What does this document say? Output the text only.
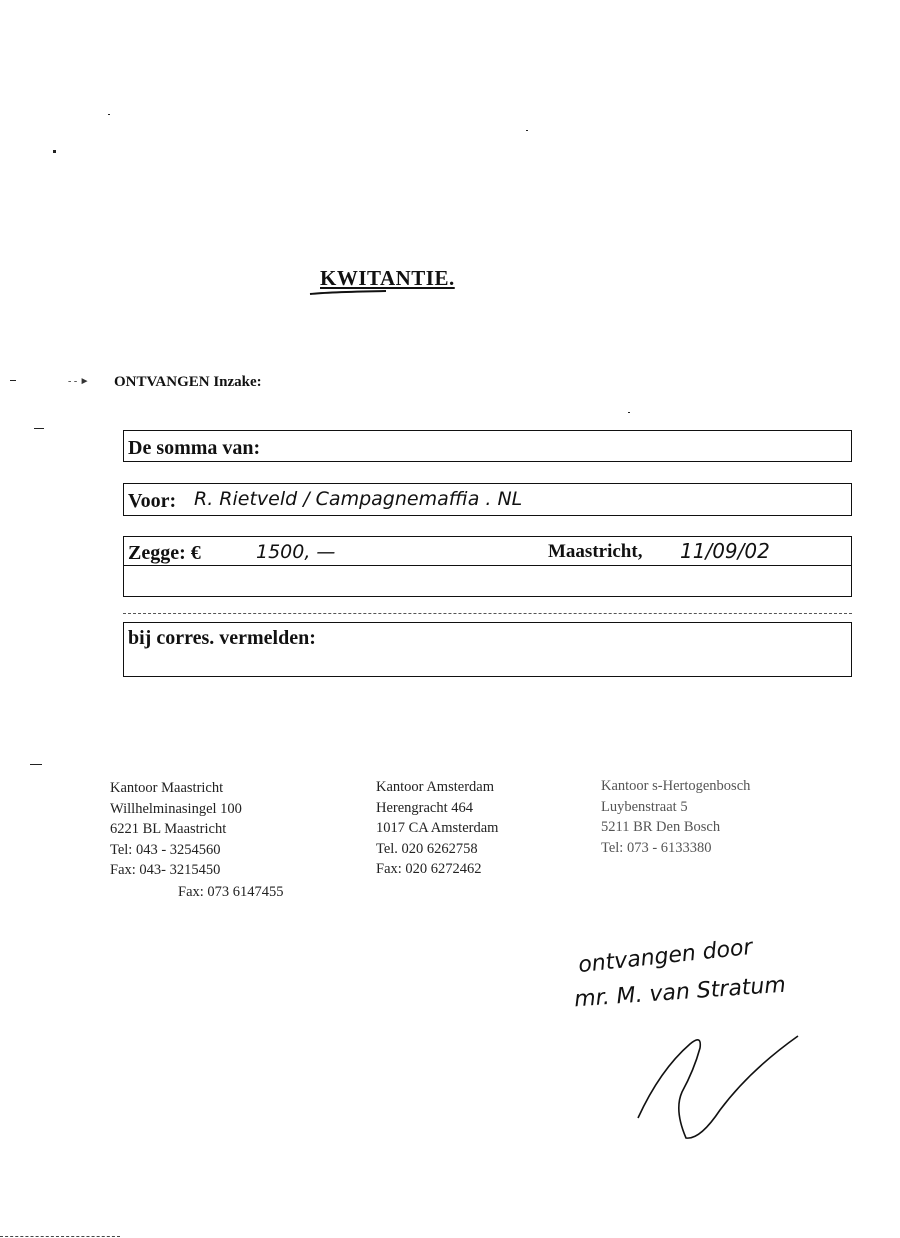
KWITANTIE.
- - ► ONTVANGEN Inzake:
De somma van:
Voor: R. Rietveld / Campagnemaffia . NL
Zegge: €	1500, —	Maastricht, 11/09/02
bij corres. vermelden:
Kantoor Maastricht
Willhelminasingel 100
6221 BL Maastricht
Tel: 043 - 3254560
Fax: 043- 3215450
Kantoor Amsterdam
Herengracht 464
1017 CA Amsterdam
Tel. 020 6262758
Fax: 020 6272462
Kantoor s-Hertogenbosch
Luybenstraat 5
5211 BR Den Bosch
Tel: 073 - 6133380
Fax: 073 6147455
ontvangen door
mr. M. van Stratum
